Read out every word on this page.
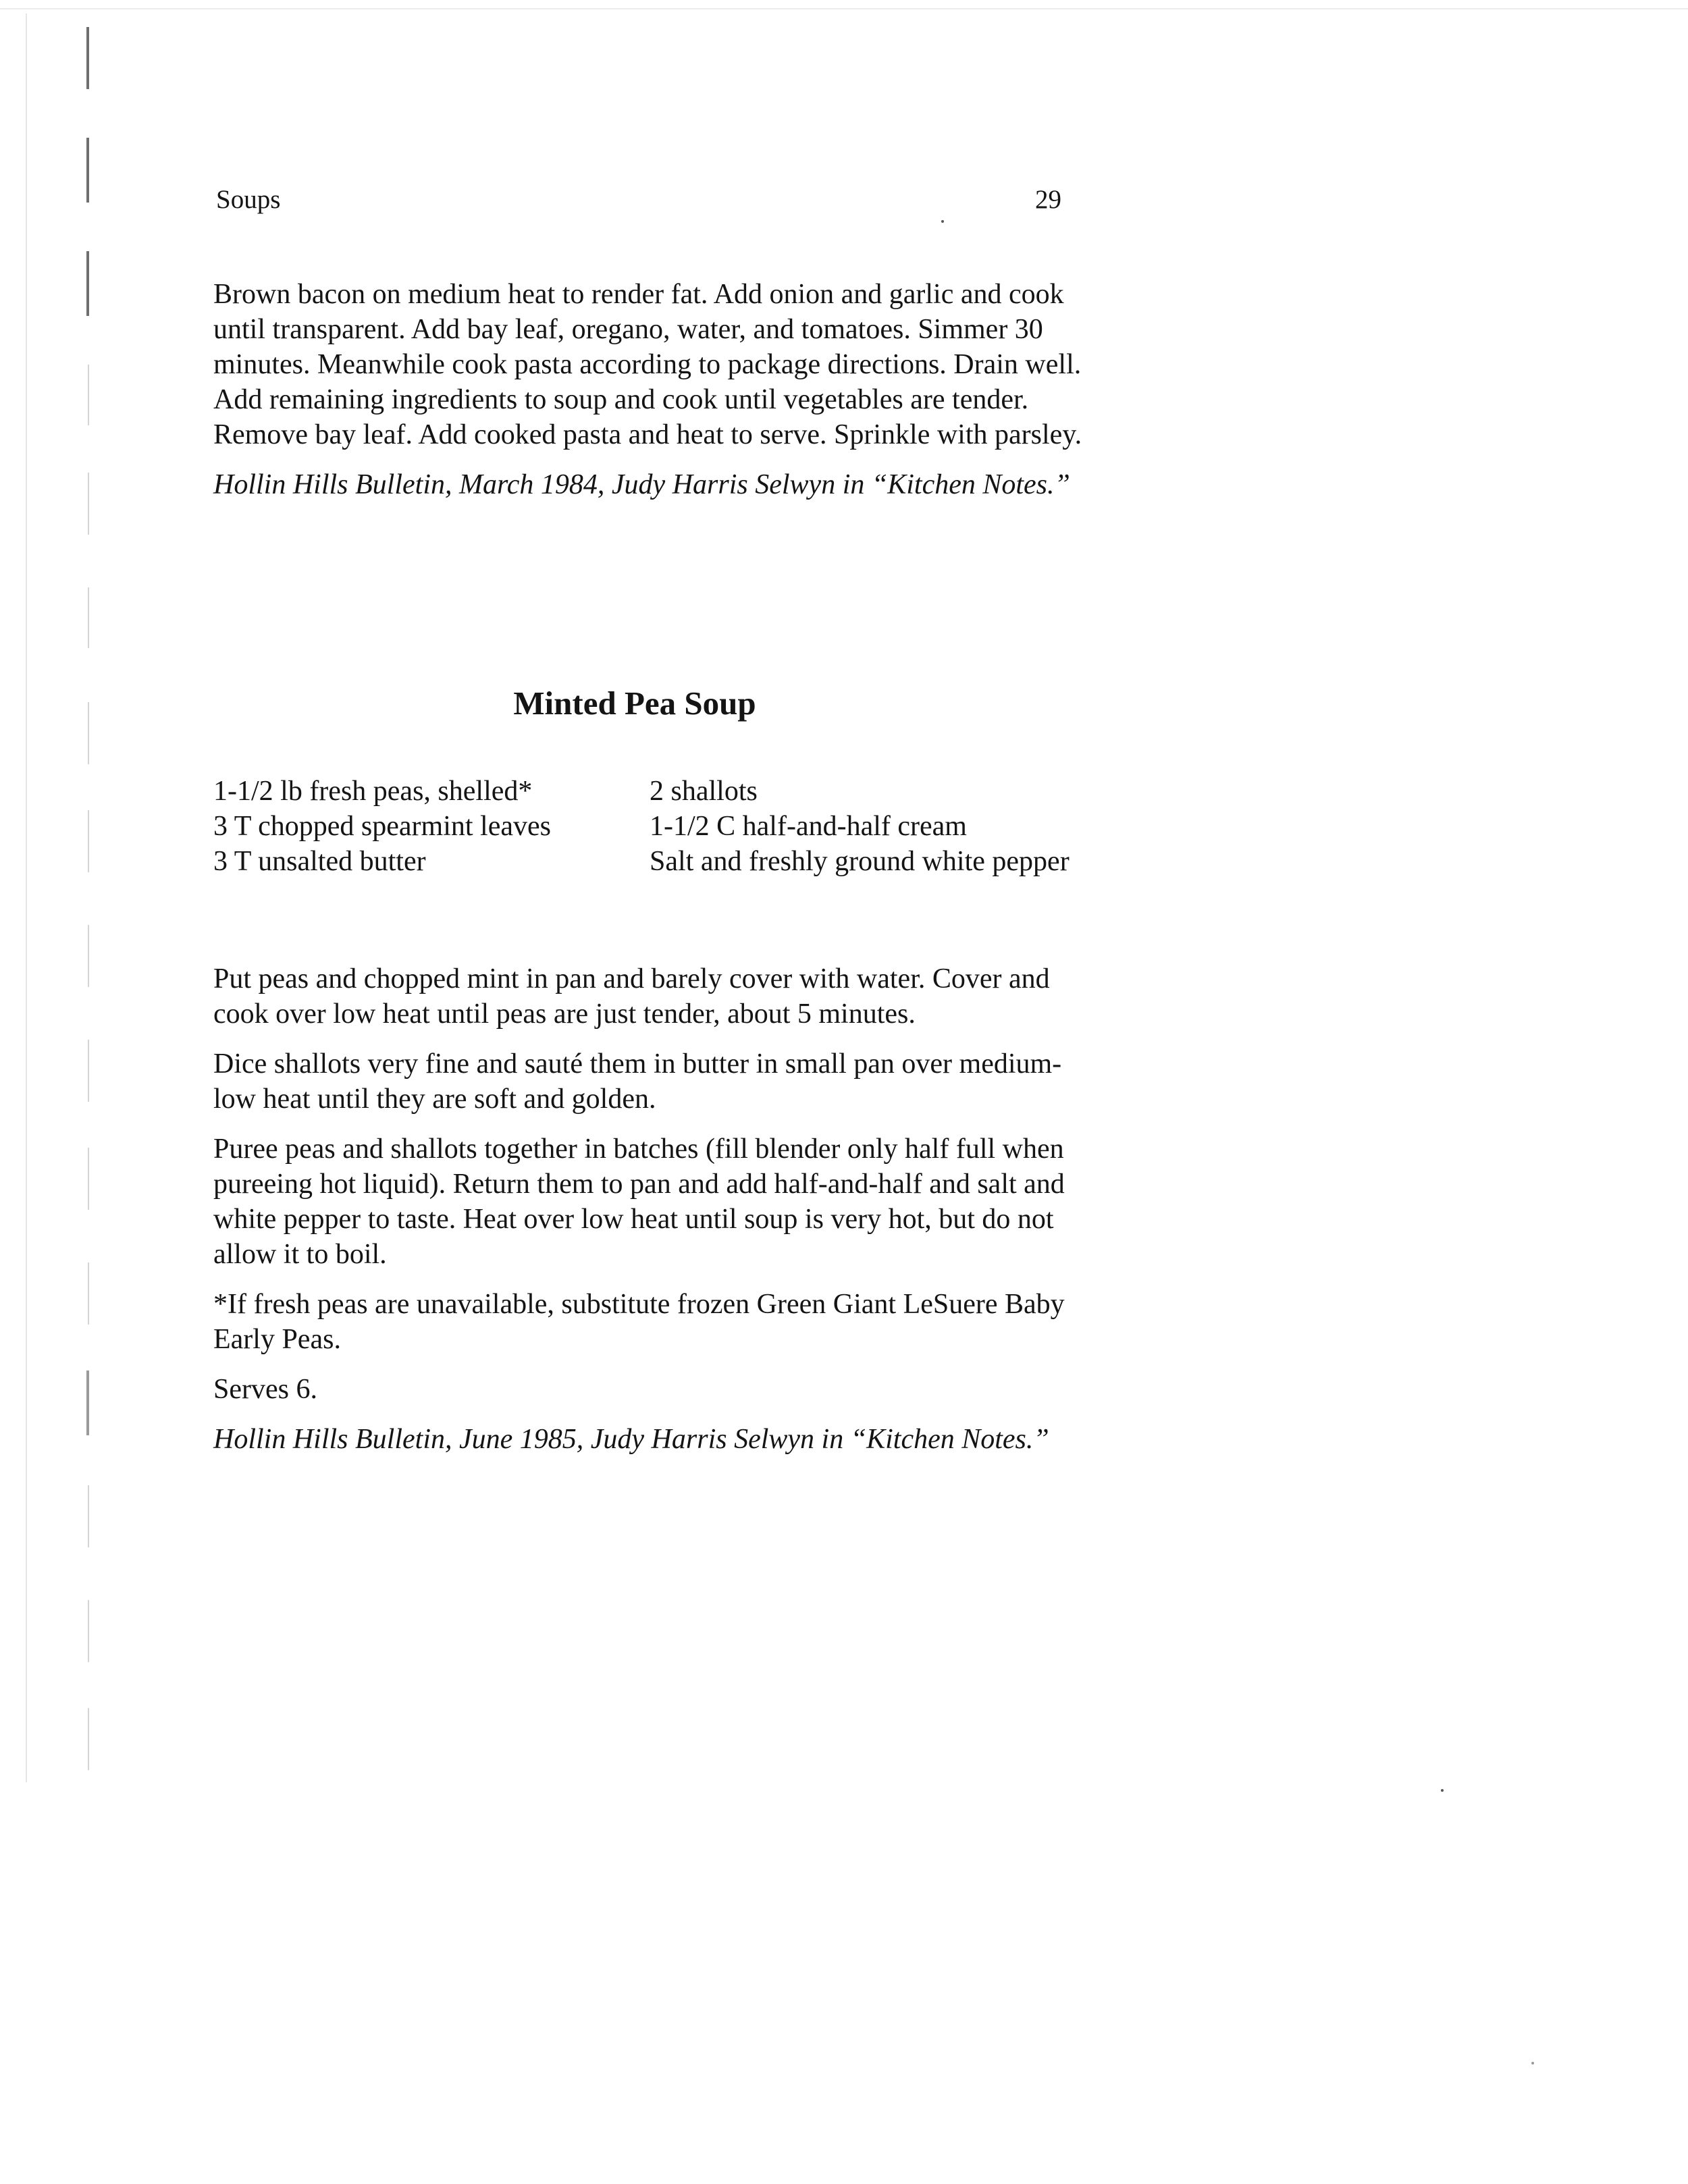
Soups	29

Brown bacon on medium heat to render fat. Add onion and garlic and cook until transparent. Add bay leaf, oregano, water, and tomatoes. Simmer 30 minutes. Meanwhile cook pasta according to package directions. Drain well. Add remaining ingredients to soup and cook until vegetables are tender. Remove bay leaf. Add cooked pasta and heat to serve. Sprinkle with parsley.

Hollin Hills Bulletin, March 1984, Judy Harris Selwyn in “Kitchen Notes.”

Minted Pea Soup
1-1/2 lb fresh peas, shelled*
3 T chopped spearmint leaves
3 T unsalted butter
2 shallots
1-1/2 C half-and-half cream
Salt and freshly ground white pepper

Put peas and chopped mint in pan and barely cover with water. Cover and cook over low heat until peas are just tender, about 5 minutes.

Dice shallots very fine and sauté them in butter in small pan over medium-low heat until they are soft and golden.

Puree peas and shallots together in batches (fill blender only half full when pureeing hot liquid). Return them to pan and add half-and-half and salt and white pepper to taste. Heat over low heat until soup is very hot, but do not allow it to boil.

*If fresh peas are unavailable, substitute frozen Green Giant LeSuere Baby Early Peas.

Serves 6.

Hollin Hills Bulletin, June 1985, Judy Harris Selwyn in “Kitchen Notes.”
